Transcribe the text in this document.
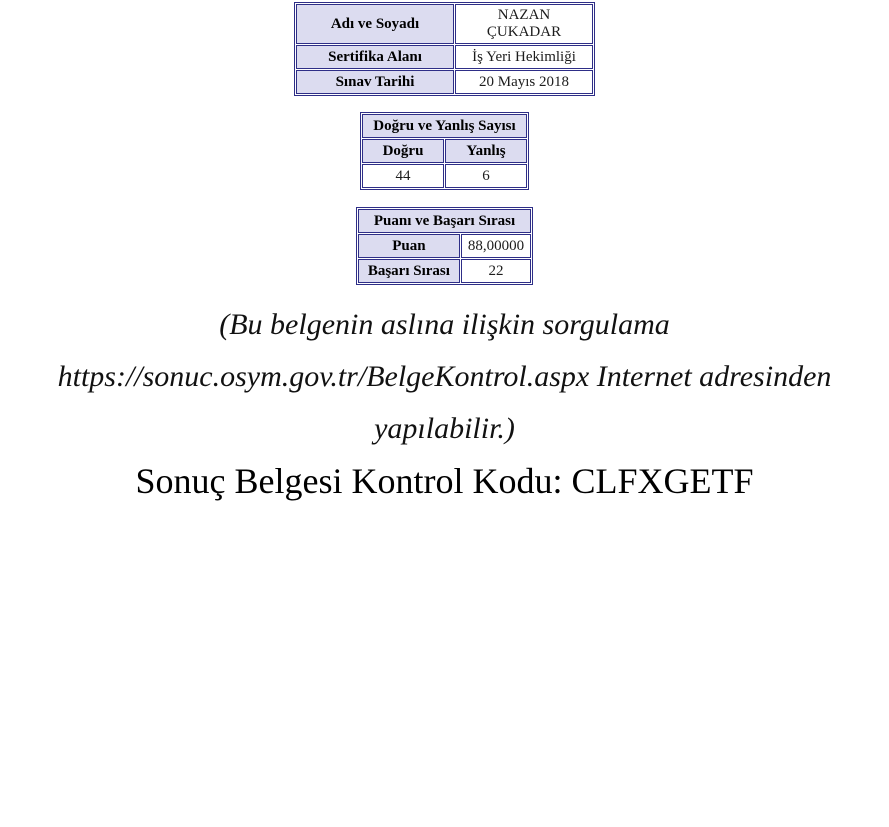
Adı ve Soyadı	NAZAN ÇUKADAR
Sertifika Alanı	İş Yeri Hekimliği
Sınav Tarihi	20 Mayıs 2018
Doğru ve Yanlış Sayısı	
Doğru	Yanlış
44	6
Puanı ve Başarı Sırası	
Puan	88,00000
Başarı Sırası	22

(Bu belgenin aslına ilişkin sorgulama https://sonuc.osym.gov.tr/BelgeKontrol.aspx Internet adresinden yapılabilir.)

Sonuç Belgesi Kontrol Kodu: CLFXGETF
